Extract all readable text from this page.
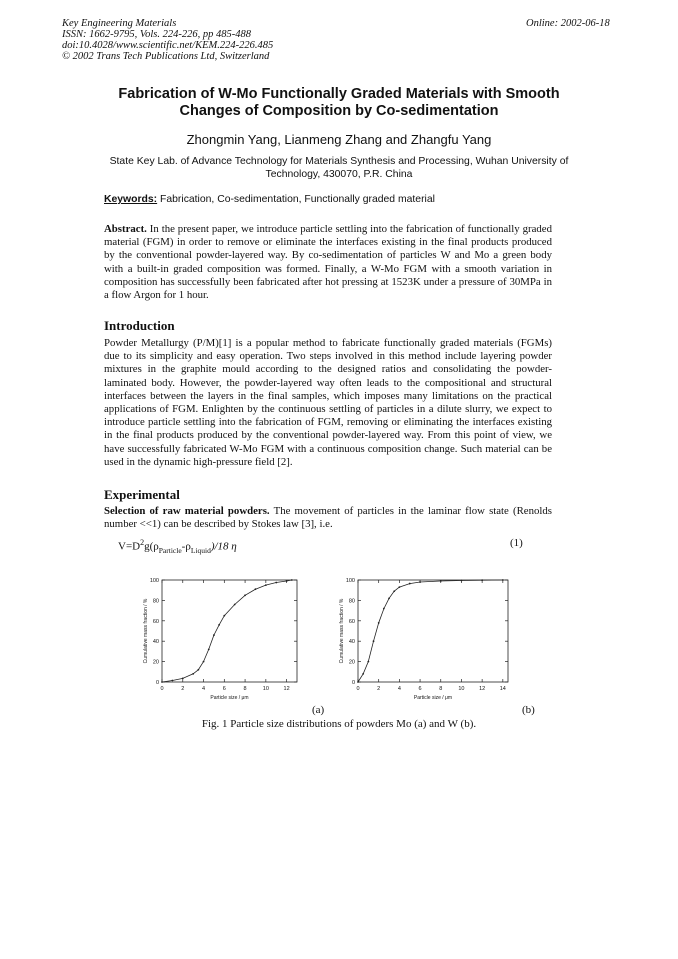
Key Engineering Materials
ISSN: 1662-9795, Vols. 224-226, pp 485-488
doi:10.4028/www.scientific.net/KEM.224-226.485
© 2002 Trans Tech Publications Ltd, Switzerland
Online: 2002-06-18
Fabrication of W-Mo Functionally Graded Materials with Smooth
Changes of Composition by Co-sedimentation
Zhongmin Yang, Lianmeng Zhang and Zhangfu Yang
State Key Lab. of Advance Technology for Materials Synthesis and Processing, Wuhan University of Technology, 430070, P.R. China
Keywords: Fabrication, Co-sedimentation, Functionally graded material
Abstract. In the present paper, we introduce particle settling into the fabrication of functionally graded material (FGM) in order to remove or eliminate the interfaces existing in the final products produced by the conventional powder-layered way. By co-sedimentation of particles W and Mo a green body with a built-in graded composition was formed. Finally, a W-Mo FGM with a smooth variation in composition has successfully been fabricated after hot pressing at 1523K under a pressure of 30MPa in a flow Argon for 1 hour.
Introduction
Powder Metallurgy (P/M)[1] is a popular method to fabricate functionally graded materials (FGMs) due to its simplicity and easy operation. Two steps involved in this method include layering powder mixtures in the graphite mould according to the designed ratios and consolidating the powder-laminated body. However, the powder-layered way often leads to the compositional and structural interfaces between the layers in the final samples, which imposes many limitations on the practical applications of FGM. Enlighten by the continuous settling of particles in a dilute slurry, we expect to introduce particle settling into the fabrication of FGM, removing or eliminating the interfaces existing in the final products produced by the conventional powder-layered way. From this point of view, we have successfully fabricated W-Mo FGM with a continuous composition change. Such material can be used in the dynamic high-pressure field [2].
Experimental
Selection of raw material powders. The movement of particles in the laminar flow state (Renolds number <<1) can be described by Stokes law [3], i.e.
$V=D^2g(\rho_{Particle}-\rho_{Liquid})/18$ η	(1)
0
20
40
60
80
100
0	2	4	6	8	10	12
Particle size / μm
Cumulative mass fraction / %
0
20
40
60
80
100
0	2	4	6	8	10	12	14
Particle size / μm
Cumulative mass fraction / %
(a)	(b)
Fig. 1 Particle size distributions of powders Mo (a) and W (b).
